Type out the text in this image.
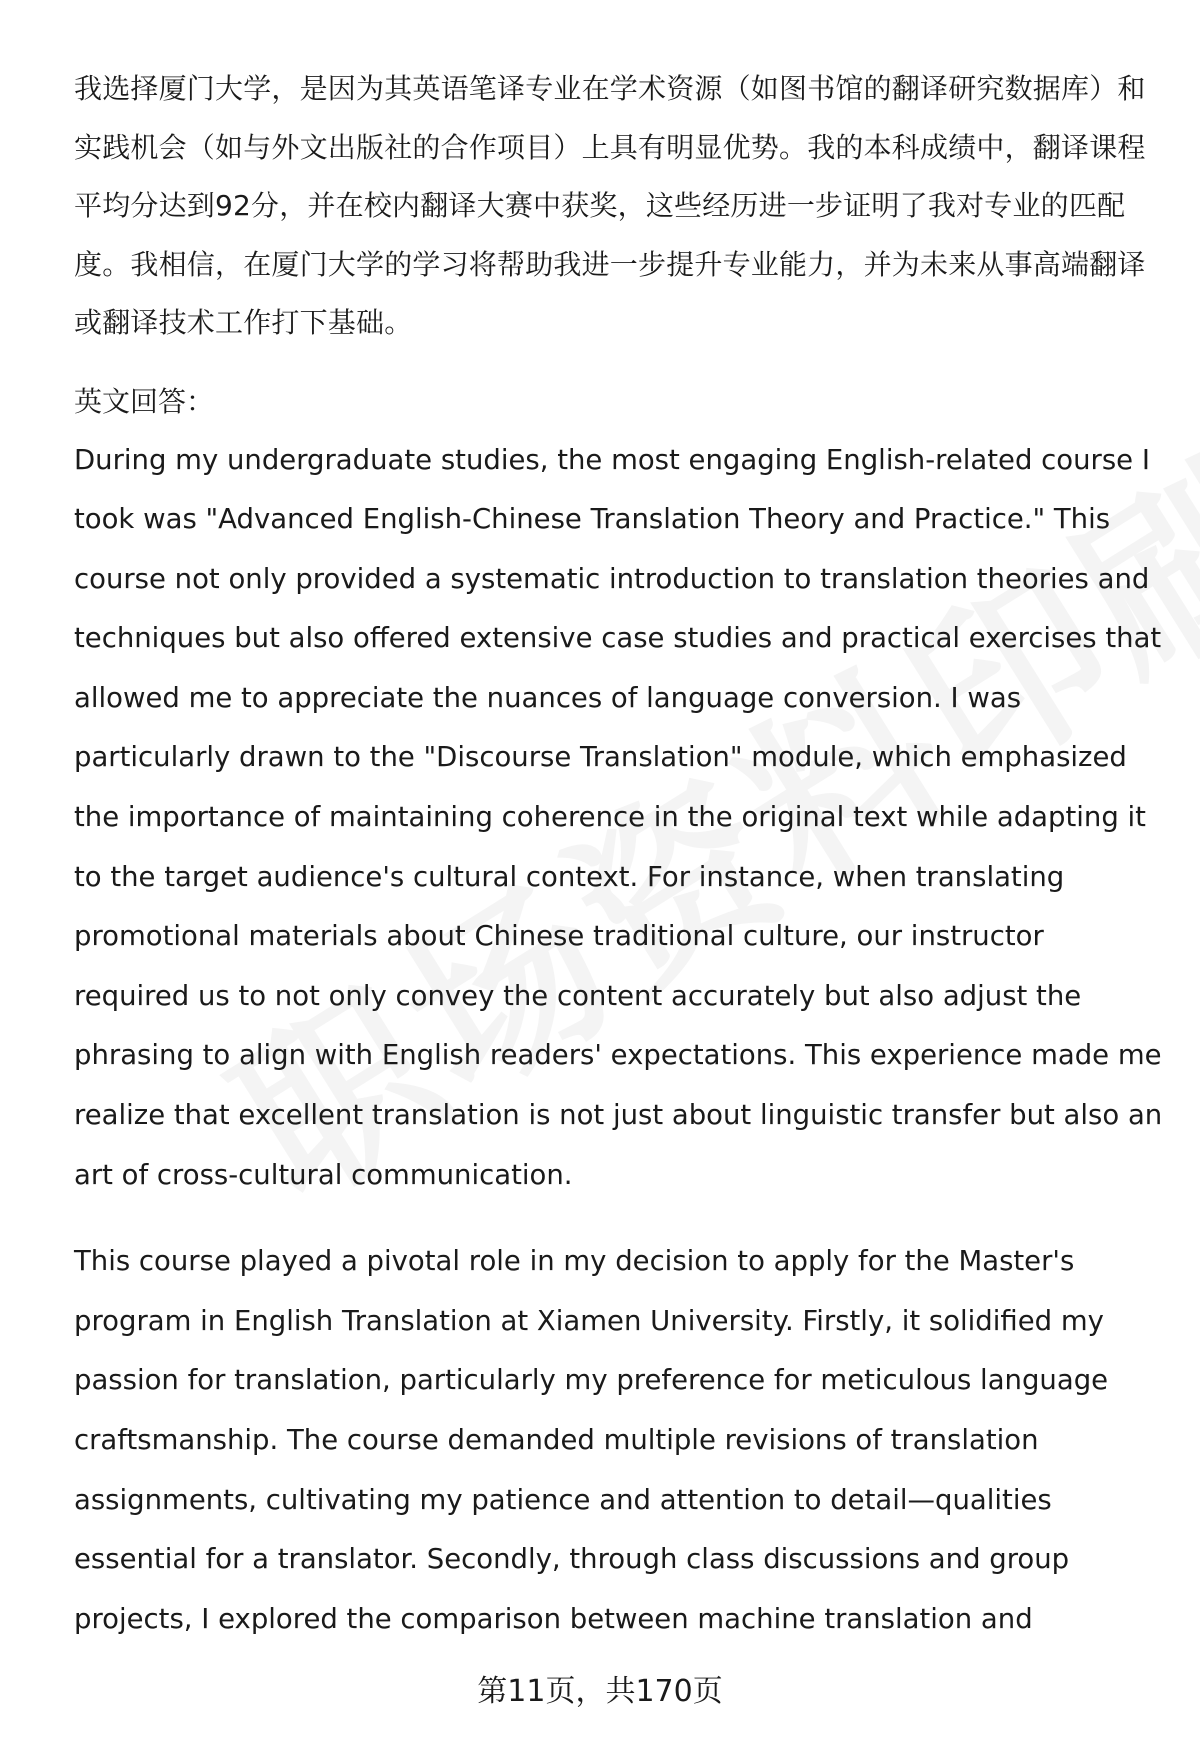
我选择厦门大学，是因为其英语笔译专业在学术资源（如图书馆的翻译研究数据库）和实践机会（如与外文出版社的合作项目）上具有明显优势。我的本科成绩中，翻译课程平均分达到92分，并在校内翻译大赛中获奖，这些经历进一步证明了我对专业的匹配度。我相信，在厦门大学的学习将帮助我进一步提升专业能力，并为未来从事高端翻译或翻译技术工作打下基础。

英文回答：

During my undergraduate studies, the most engaging English-related course I took was "Advanced English-Chinese Translation Theory and Practice." This course not only provided a systematic introduction to translation theories and techniques but also offered extensive case studies and practical exercises that allowed me to appreciate the nuances of language conversion. I was particularly drawn to the "Discourse Translation" module, which emphasized the importance of maintaining coherence in the original text while adapting it to the target audience's cultural context. For instance, when translating promotional materials about Chinese traditional culture, our instructor required us to not only convey the content accurately but also adjust the phrasing to align with English readers' expectations. This experience made me realize that excellent translation is not just about linguistic transfer but also an art of cross-cultural communication.

This course played a pivotal role in my decision to apply for the Master's program in English Translation at Xiamen University. Firstly, it solidified my passion for translation, particularly my preference for meticulous language craftsmanship. The course demanded multiple revisions of translation assignments, cultivating my patience and attention to detail—qualities essential for a translator. Secondly, through class discussions and group projects, I explored the comparison between machine translation and

第11页，共170页
